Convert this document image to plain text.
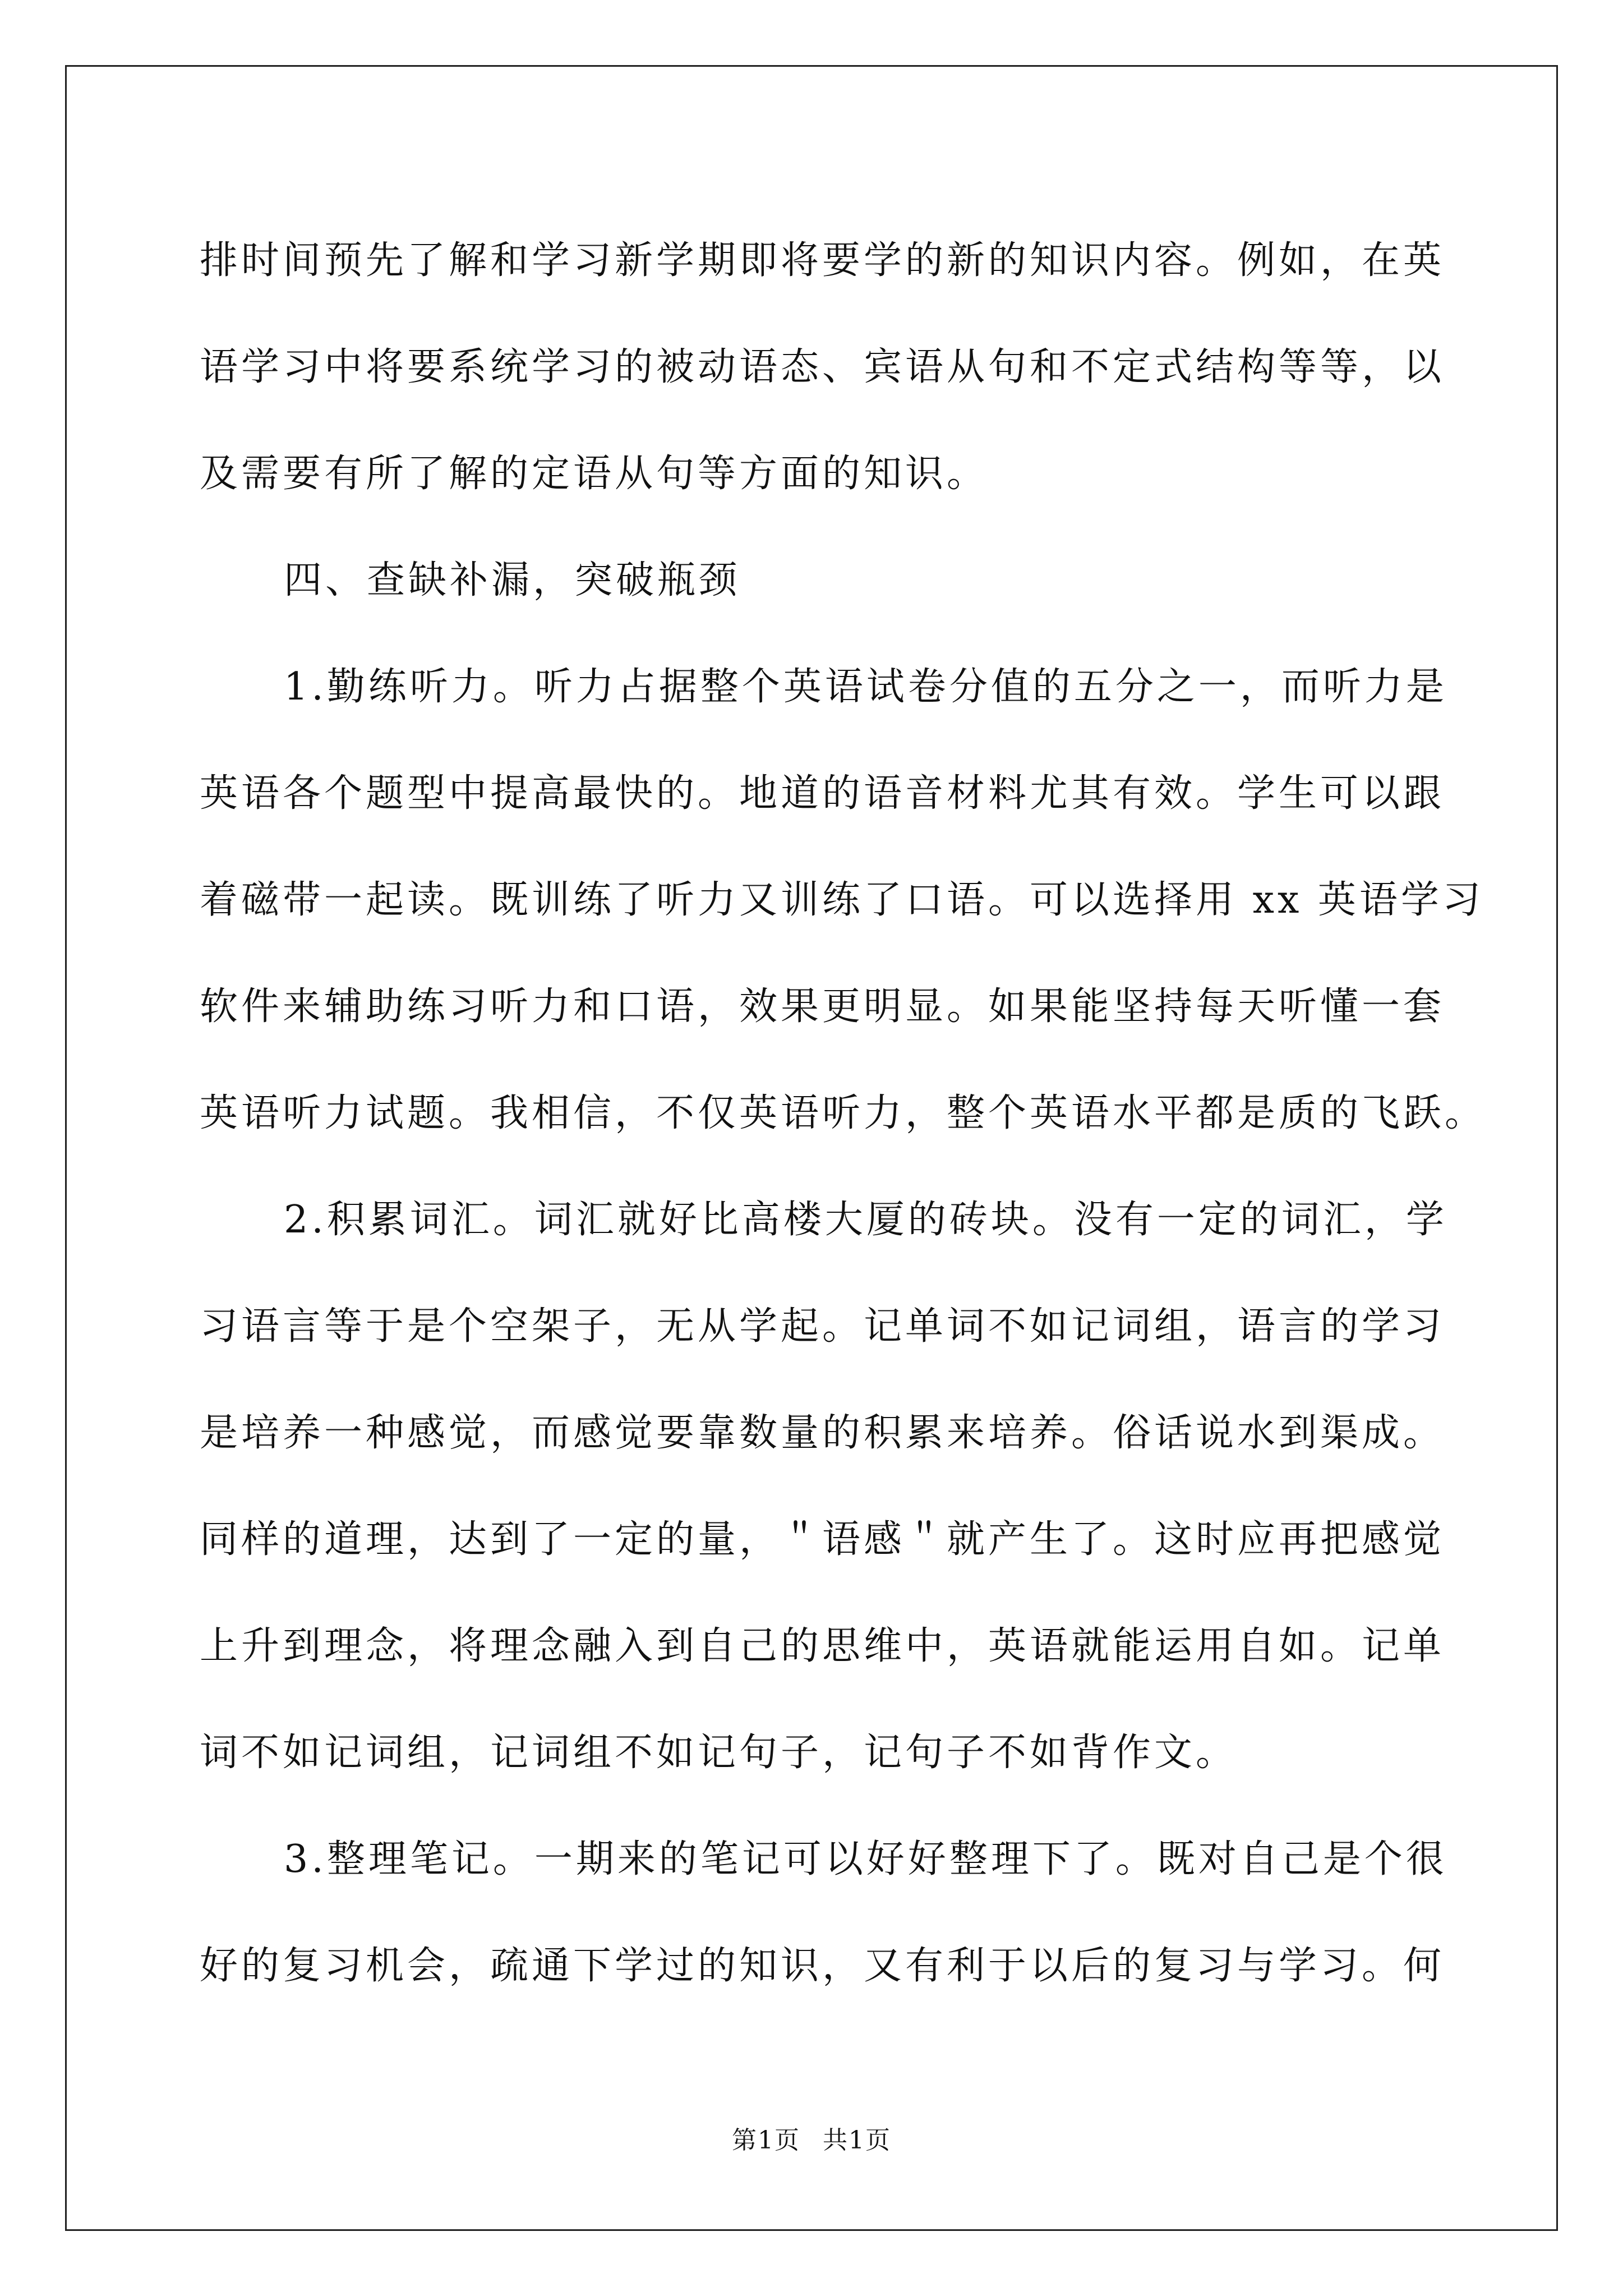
排时间预先了解和学习新学期即将要学的新的知识内容。例如，在英
语学习中将要系统学习的被动语态、宾语从句和不定式结构等等，以
及需要有所了解的定语从句等方面的知识。
四、查缺补漏，突破瓶颈
1.勤练听力。听力占据整个英语试卷分值的五分之一，而听力是
英语各个题型中提高最快的。地道的语音材料尤其有效。学生可以跟
着磁带一起读。既训练了听力又训练了口语。可以选择用 xx 英语学习
软件来辅助练习听力和口语，效果更明显。如果能坚持每天听懂一套
英语听力试题。我相信，不仅英语听力，整个英语水平都是质的飞跃。
2.积累词汇。词汇就好比高楼大厦的砖块。没有一定的词汇，学
习语言等于是个空架子，无从学起。记单词不如记词组，语言的学习
是培养一种感觉，而感觉要靠数量的积累来培养。俗话说水到渠成。
同样的道理，达到了一定的量，＂语感＂就产生了。这时应再把感觉
上升到理念，将理念融入到自己的思维中，英语就能运用自如。记单
词不如记词组，记词组不如记句子，记句子不如背作文。
3.整理笔记。一期来的笔记可以好好整理下了。既对自己是个很
好的复习机会，疏通下学过的知识，又有利于以后的复习与学习。何
第1页 共1页
